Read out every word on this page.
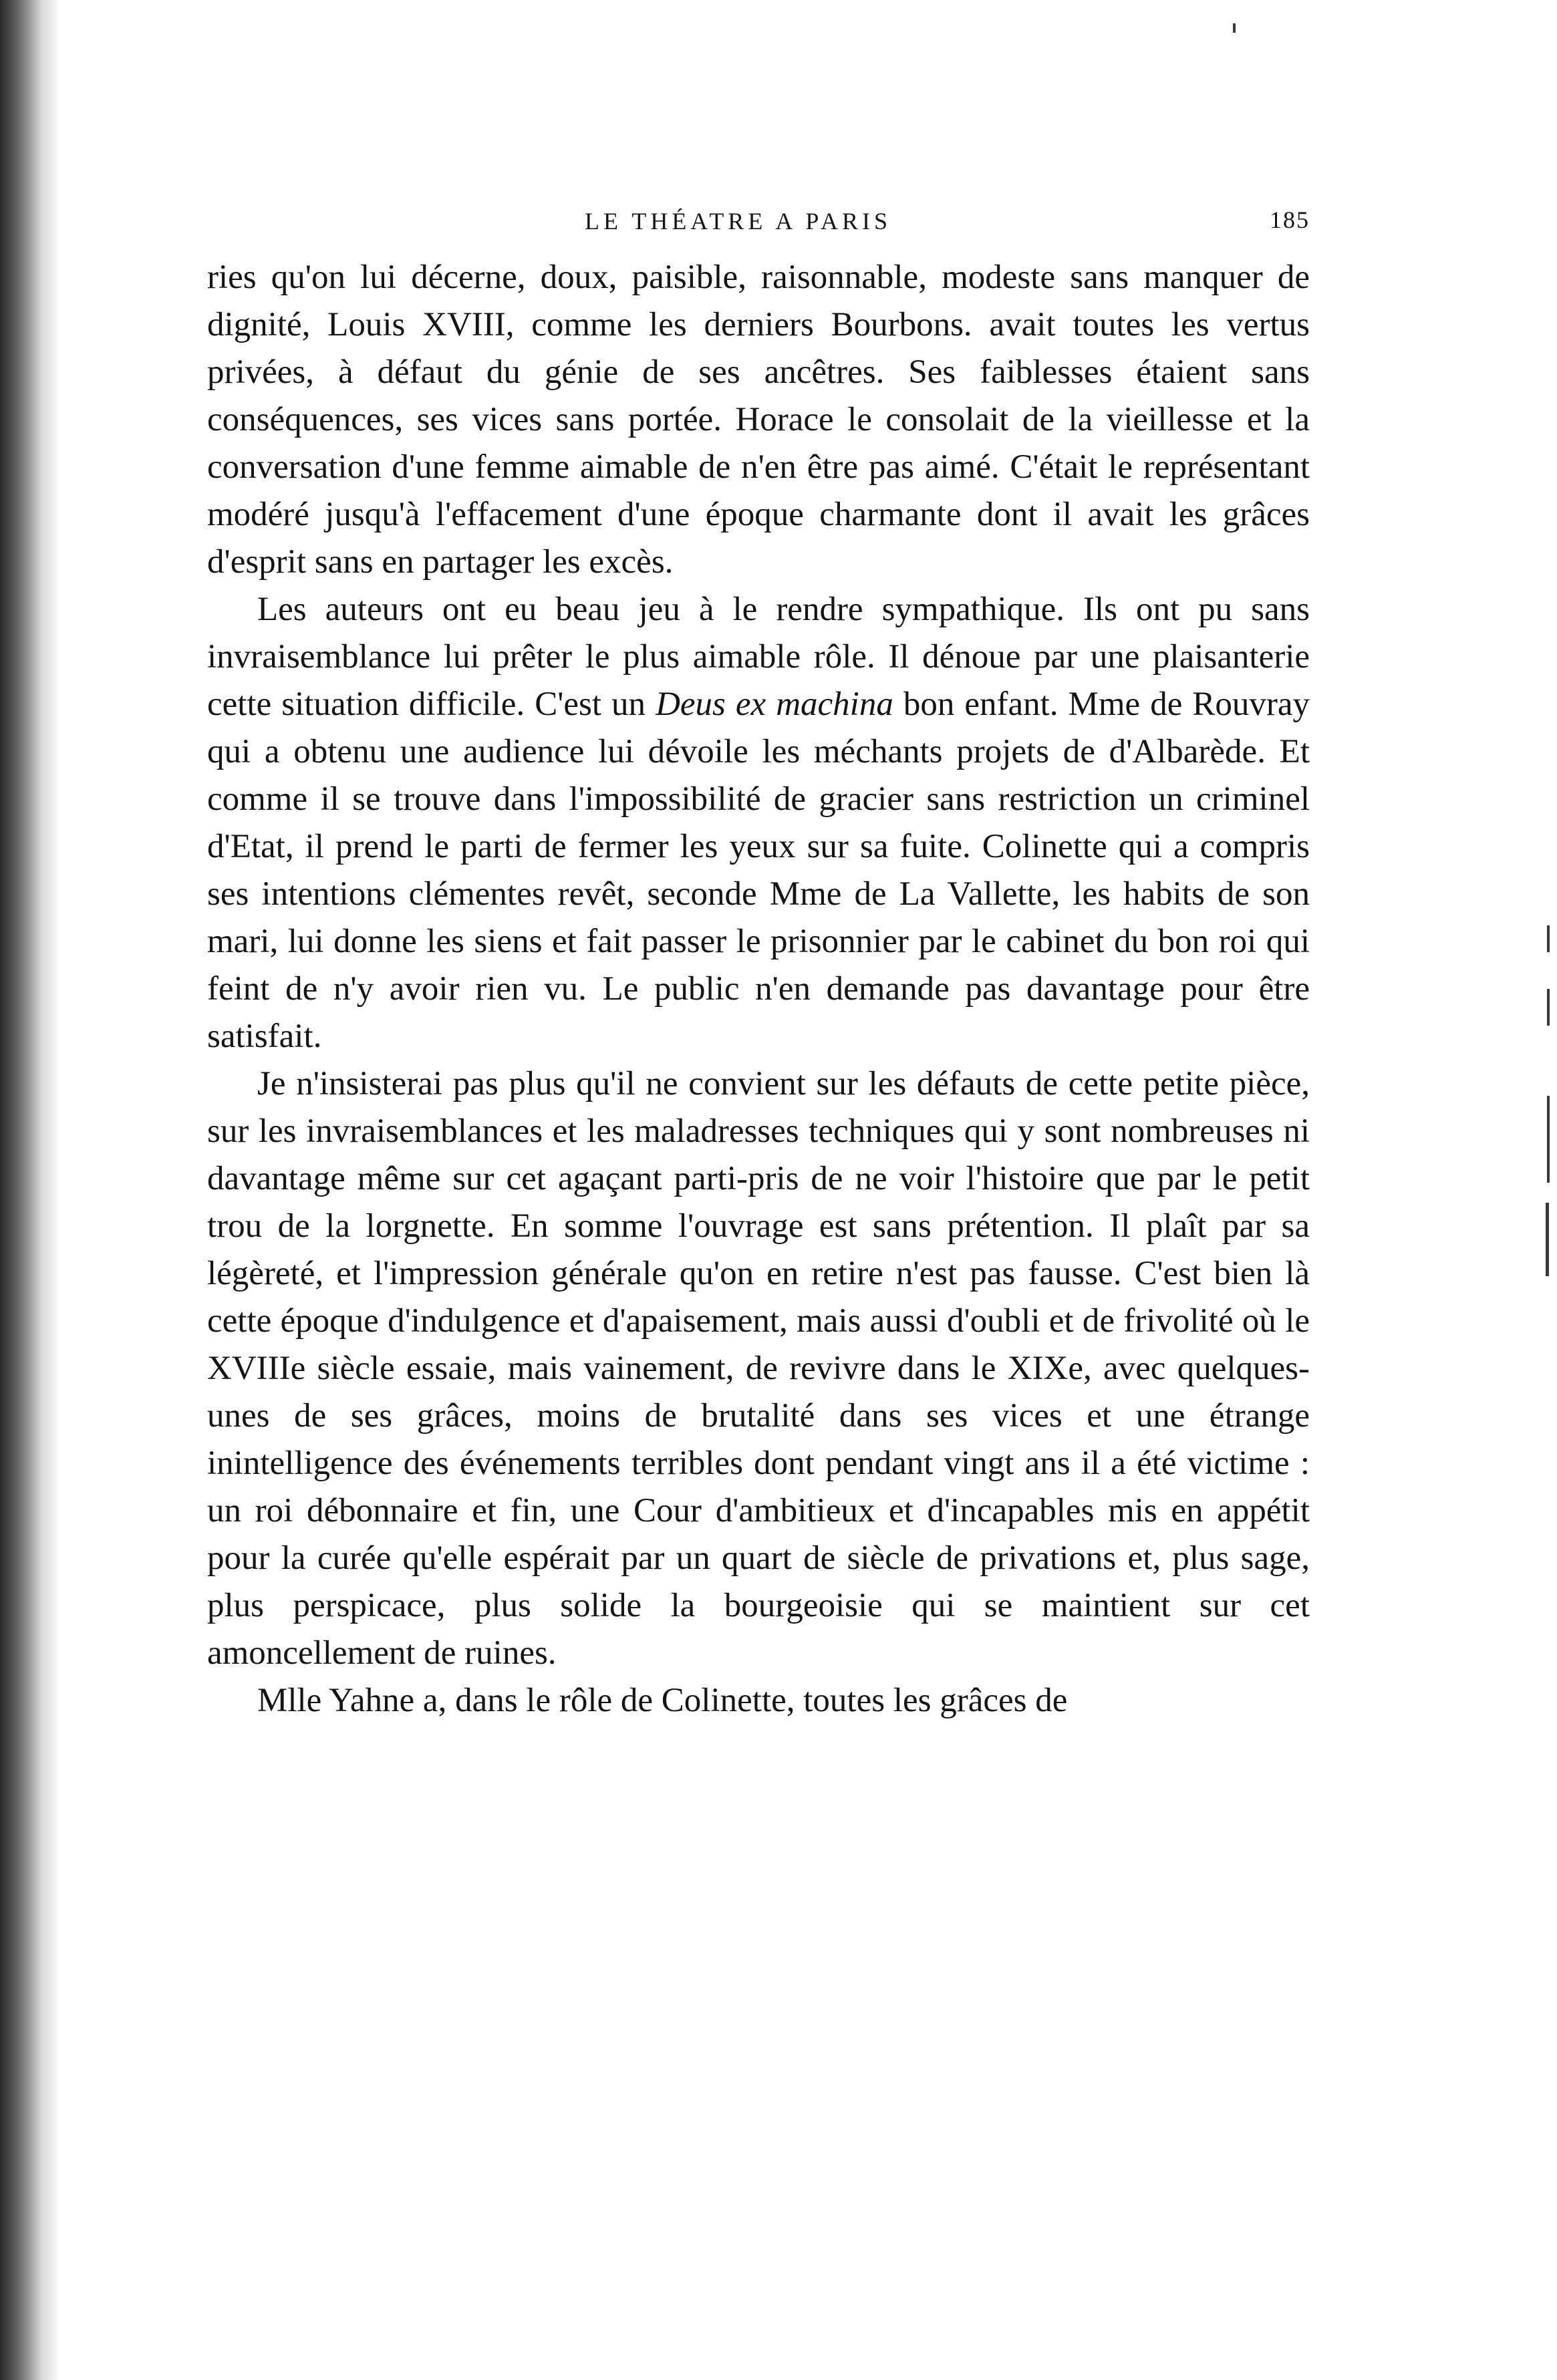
LE THÉATRE A PARIS	185

ries qu'on lui décerne, doux, paisible, raisonnable, modeste sans manquer de dignité, Louis XVIII, comme les derniers Bourbons. avait toutes les vertus privées, à défaut du génie de ses ancêtres. Ses faiblesses étaient sans conséquences, ses vices sans portée. Horace le consolait de la vieillesse et la conversation d'une femme aimable de n'en être pas aimé. C'était le représentant modéré jusqu'à l'effacement d'une époque charmante dont il avait les grâces d'esprit sans en partager les excès.

Les auteurs ont eu beau jeu à le rendre sympathique. Ils ont pu sans invraisemblance lui prêter le plus aimable rôle. Il dénoue par une plaisanterie cette situation difficile. C'est un Deus ex machina bon enfant. Mme de Rouvray qui a obtenu une audience lui dévoile les méchants projets de d'Albarède. Et comme il se trouve dans l'impossibilité de gracier sans restriction un criminel d'Etat, il prend le parti de fermer les yeux sur sa fuite. Colinette qui a compris ses intentions clémentes revêt, seconde Mme de La Vallette, les habits de son mari, lui donne les siens et fait passer le prisonnier par le cabinet du bon roi qui feint de n'y avoir rien vu. Le public n'en demande pas davantage pour être satisfait.

Je n'insisterai pas plus qu'il ne convient sur les défauts de cette petite pièce, sur les invraisemblances et les maladresses techniques qui y sont nombreuses ni davantage même sur cet agaçant parti-pris de ne voir l'histoire que par le petit trou de la lorgnette. En somme l'ouvrage est sans prétention. Il plaît par sa légèreté, et l'impression générale qu'on en retire n'est pas fausse. C'est bien là cette époque d'indulgence et d'apaisement, mais aussi d'oubli et de frivolité où le XVIIIe siècle essaie, mais vainement, de revivre dans le XIXe, avec quelques-unes de ses grâces, moins de brutalité dans ses vices et une étrange inintelligence des événements terribles dont pendant vingt ans il a été victime : un roi débonnaire et fin, une Cour d'ambitieux et d'incapables mis en appétit pour la curée qu'elle espérait par un quart de siècle de privations et, plus sage, plus perspicace, plus solide la bourgeoisie qui se maintient sur cet amoncellement de ruines.

Mlle Yahne a, dans le rôle de Colinette, toutes les grâces de
